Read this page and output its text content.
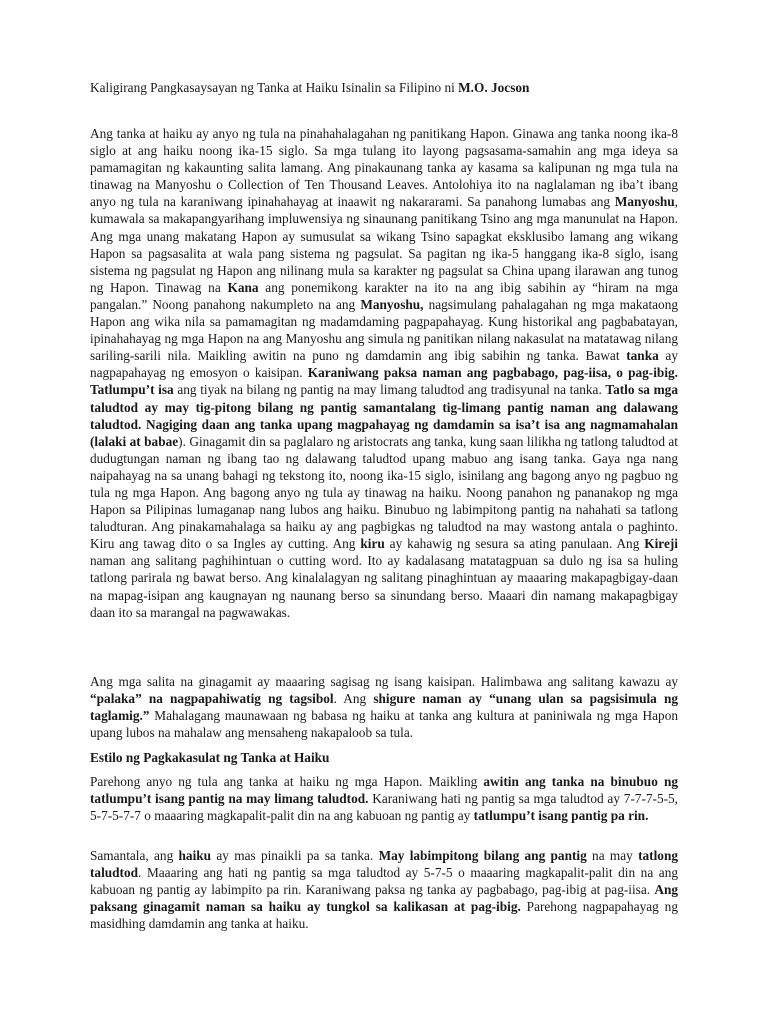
Kaligirang Pangkasaysayan ng Tanka at Haiku Isinalin sa Filipino ni M.O. Jocson

Ang tanka at haiku ay anyo ng tula na pinahahalagahan ng panitikang Hapon. Ginawa ang tanka noong ika-8 siglo at ang haiku noong ika-15 siglo. Sa mga tulang ito layong pagsasama-samahin ang mga ideya sa pamamagitan ng kakaunting salita lamang. Ang pinakaunang tanka ay kasama sa kalipunan ng mga tula na tinawag na Manyoshu o Collection of Ten Thousand Leaves. Antolohiya ito na naglalaman ng iba’t ibang anyo ng tula na karaniwang ipinahahayag at inaawit ng nakararami. Sa panahong lumabas ang Manyoshu, kumawala sa makapangyarihang impluwensiya ng sinaunang panitikang Tsino ang mga manunulat na Hapon. Ang mga unang makatang Hapon ay sumusulat sa wikang Tsino sapagkat eksklusibo lamang ang wikang Hapon sa pagsasalita at wala pang sistema ng pagsulat. Sa pagitan ng ika-5 hanggang ika-8 siglo, isang sistema ng pagsulat ng Hapon ang nilinang mula sa karakter ng pagsulat sa China upang ilarawan ang tunog ng Hapon. Tinawag na Kana ang ponemikong karakter na ito na ang ibig sabihin ay “hiram na mga pangalan.” Noong panahong nakumpleto na ang Manyoshu, nagsimulang pahalagahan ng mga makataong Hapon ang wika nila sa pamamagitan ng madamdaming pagpapahayag. Kung historikal ang pagbabatayan, ipinahahayag ng mga Hapon na ang Manyoshu ang simula ng panitikan nilang nakasulat na matatawag nilang sariling-sarili nila. Maikling awitin na puno ng damdamin ang ibig sabihin ng tanka. Bawat tanka ay nagpapahayag ng emosyon o kaisipan. Karaniwang paksa naman ang pagbabago, pag-iisa, o pag-ibig. Tatlumpu’t isa ang tiyak na bilang ng pantig na may limang taludtod ang tradisyunal na tanka. Tatlo sa mga taludtod ay may tig-pitong bilang ng pantig samantalang tig-limang pantig naman ang dalawang taludtod. Nagiging daan ang tanka upang magpahayag ng damdamin sa isa’t isa ang nagmamahalan (lalaki at babae). Ginagamit din sa paglalaro ng aristocrats ang tanka, kung saan lilikha ng tatlong taludtod at dudugtungan naman ng ibang tao ng dalawang taludtod upang mabuo ang isang tanka. Gaya nga nang naipahayag na sa unang bahagi ng tekstong ito, noong ika-15 siglo, isinilang ang bagong anyo ng pagbuo ng tula ng mga Hapon. Ang bagong anyo ng tula ay tinawag na haiku. Noong panahon ng pananakop ng mga Hapon sa Pilipinas lumaganap nang lubos ang haiku. Binubuo ng labimpitong pantig na nahahati sa tatlong taludturan. Ang pinakamahalaga sa haiku ay ang pagbigkas ng taludtod na may wastong antala o paghinto. Kiru ang tawag dito o sa Ingles ay cutting. Ang kiru ay kahawig ng sesura sa ating panulaan. Ang Kireji naman ang salitang paghihintuan o cutting word. Ito ay kadalasang matatagpuan sa dulo ng isa sa huling tatlong parirala ng bawat berso. Ang kinalalagyan ng salitang pinaghintuan ay maaaring makapagbigay-daan na mapag-isipan ang kaugnayan ng naunang berso sa sinundang berso. Maaari din namang makapagbigay daan ito sa marangal na pagwawakas.

Ang mga salita na ginagamit ay maaaring sagisag ng isang kaisipan. Halimbawa ang salitang kawazu ay “palaka” na nagpapahiwatig ng tagsibol. Ang shigure naman ay “unang ulan sa pagsisimula ng taglamig.” Mahalagang maunawaan ng babasa ng haiku at tanka ang kultura at paniniwala ng mga Hapon upang lubos na mahalaw ang mensaheng nakapaloob sa tula.

Estilo ng Pagkakasulat ng Tanka at Haiku

Parehong anyo ng tula ang tanka at haiku ng mga Hapon. Maikling awitin ang tanka na binubuo ng tatlumpu’t isang pantig na may limang taludtod. Karaniwang hati ng pantig sa mga taludtod ay 7-7-7-5-5, 5-7-5-7-7 o maaaring magkapalit-palit din na ang kabuoan ng pantig ay tatlumpu’t isang pantig pa rin.

Samantala, ang haiku ay mas pinaikli pa sa tanka. May labimpitong bilang ang pantig na may tatlong taludtod. Maaaring ang hati ng pantig sa mga taludtod ay 5-7-5 o maaaring magkapalit-palit din na ang kabuoan ng pantig ay labimpito pa rin. Karaniwang paksa ng tanka ay pagbabago, pag-ibig at pag-iisa. Ang paksang ginagamit naman sa haiku ay tungkol sa kalikasan at pag-ibig. Parehong nagpapahayag ng masidhing damdamin ang tanka at haiku.
